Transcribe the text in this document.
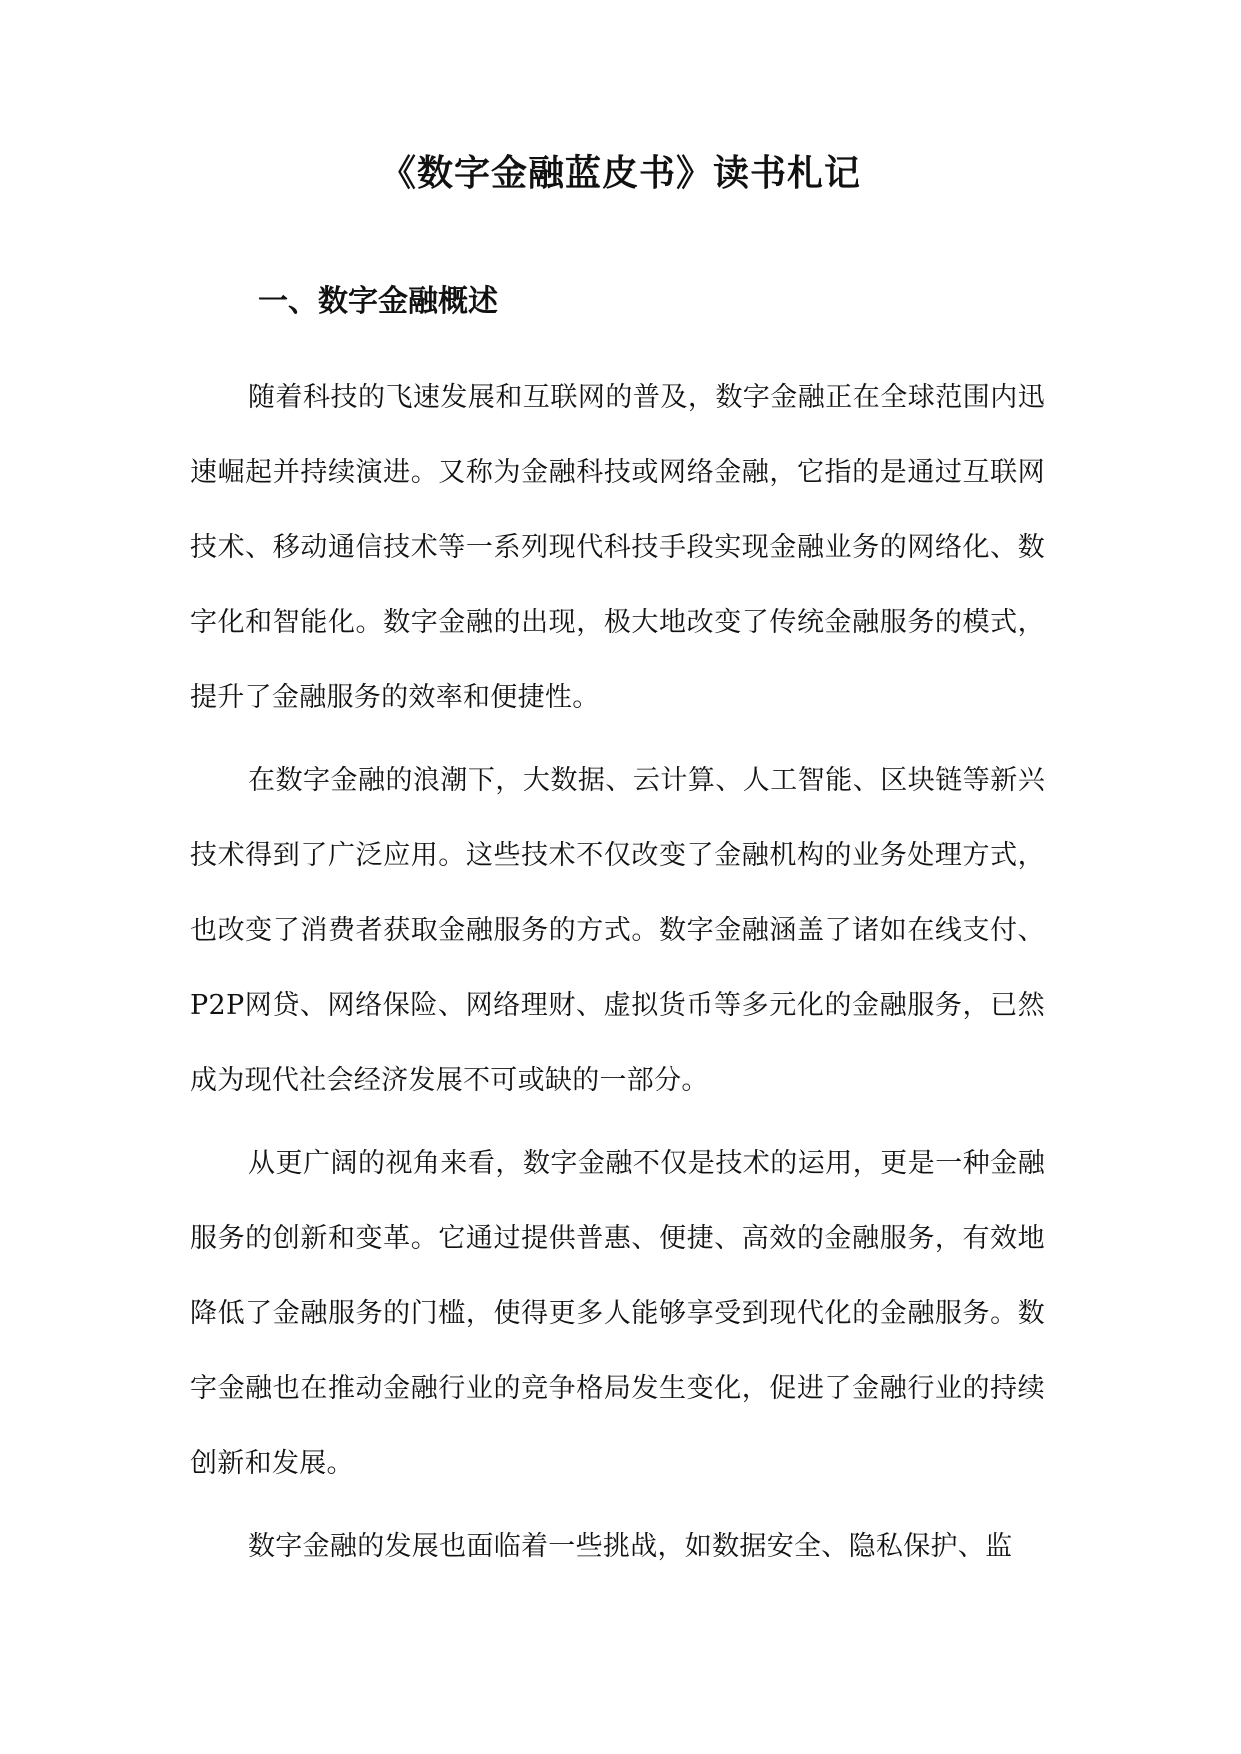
《数字金融蓝皮书》读书札记
一、数字金融概述

随着科技的飞速发展和互联网的普及，数字金融正在全球范围内迅速崛起并持续演进。又称为金融科技或网络金融，它指的是通过互联网技术、移动通信技术等一系列现代科技手段实现金融业务的网络化、数字化和智能化。数字金融的出现，极大地改变了传统金融服务的模式，提升了金融服务的效率和便捷性。

在数字金融的浪潮下，大数据、云计算、人工智能、区块链等新兴技术得到了广泛应用。这些技术不仅改变了金融机构的业务处理方式，也改变了消费者获取金融服务的方式。数字金融涵盖了诸如在线支付、P2P网贷、网络保险、网络理财、虚拟货币等多元化的金融服务，已然成为现代社会经济发展不可或缺的一部分。

从更广阔的视角来看，数字金融不仅是技术的运用，更是一种金融服务的创新和变革。它通过提供普惠、便捷、高效的金融服务，有效地降低了金融服务的门槛，使得更多人能够享受到现代化的金融服务。数字金融也在推动金融行业的竞争格局发生变化，促进了金融行业的持续创新和发展。

数字金融的发展也面临着一些挑战，如数据安全、隐私保护、监
